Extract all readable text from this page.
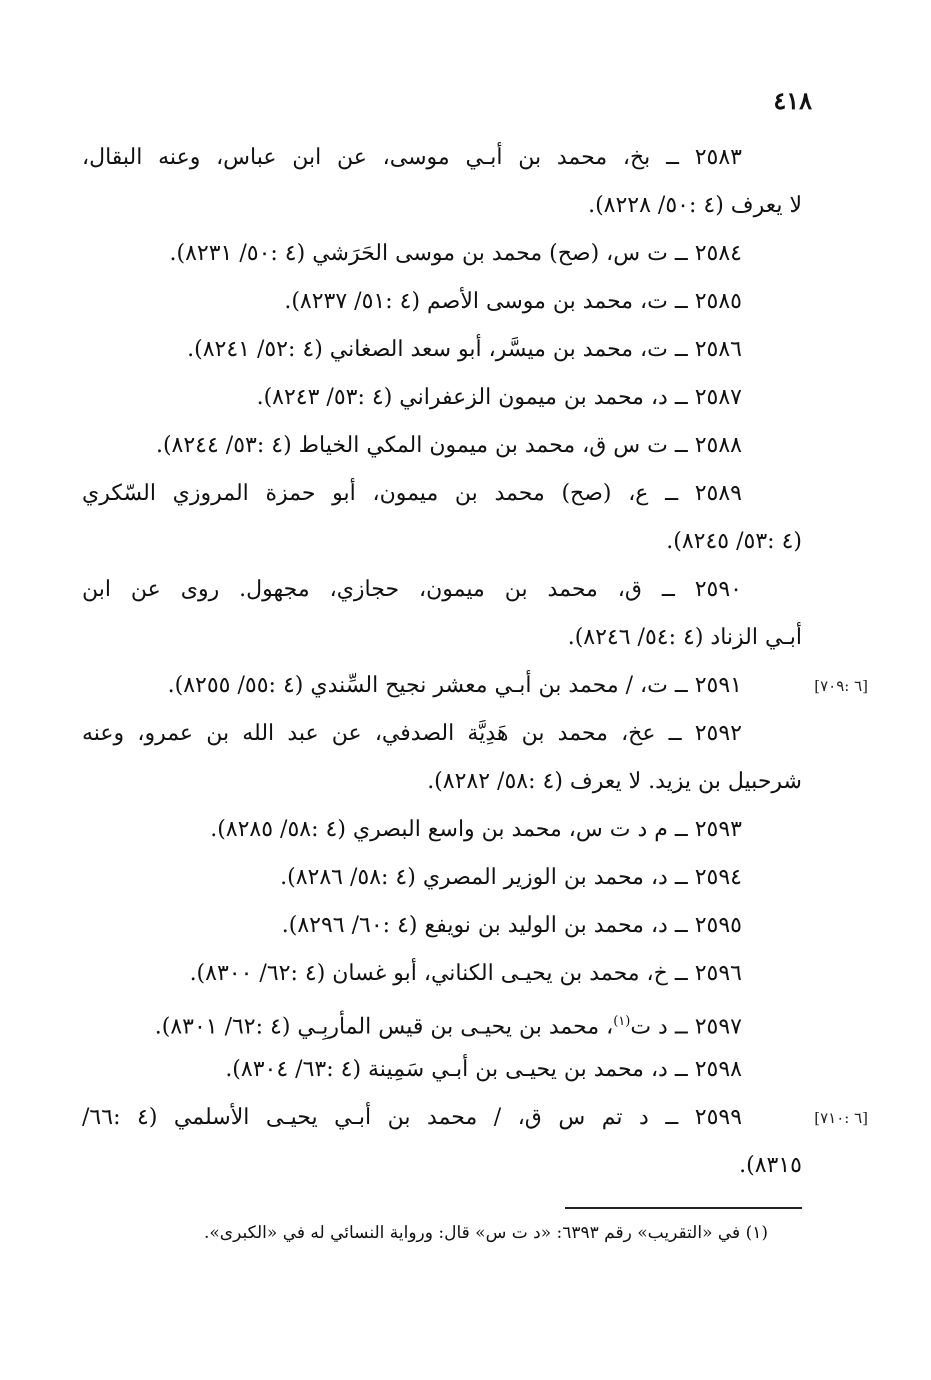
٤١٨
٢٥٨٣ ــ بخ، محمد بن أبـي موسى، عن ابن عباس، وعنه البقال،
لا يعرف (٤ :٥٠/ ٨٢٢٨).
٢٥٨٤ ــ ت س، (صح) محمد بن موسى الحَرَشي (٤ :٥٠/ ٨٢٣١).
٢٥٨٥ ــ ت، محمد بن موسى الأصم (٤ :٥١/ ٨٢٣٧).
٢٥٨٦ ــ ت، محمد بن ميسَّر، أبو سعد الصغاني (٤ :٥٢/ ٨٢٤١).
٢٥٨٧ ــ د، محمد بن ميمون الزعفراني (٤ :٥٣/ ٨٢٤٣).
٢٥٨٨ ــ ت س ق، محمد بن ميمون المكي الخياط (٤ :٥٣/ ٨٢٤٤).
٢٥٨٩ ــ ع، (صح) محمد بن ميمون، أبو حمزة المروزي السّكري
(٤ :٥٣/ ٨٢٤٥).
٢٥٩٠ ــ ق، محمد بن ميمون، حجازي، مجهول. روى عن ابن
أبـي الزناد (٤ :٥٤/ ٨٢٤٦).
[٦ :٧٠٩]
٢٥٩١ ــ ت، / محمد بن أبـي معشر نجيح السِّندي (٤ :٥٥/ ٨٢٥٥).
٢٥٩٢ ــ عخ، محمد بن هَدِيَّة الصدفي، عن عبد الله بن عمرو، وعنه
شرحبيل بن يزيد. لا يعرف (٤ :٥٨/ ٨٢٨٢).
٢٥٩٣ ــ م د ت س، محمد بن واسع البصري (٤ :٥٨/ ٨٢٨٥).
٢٥٩٤ ــ د، محمد بن الوزير المصري (٤ :٥٨/ ٨٢٨٦).
٢٥٩٥ ــ د، محمد بن الوليد بن نويفع (٤ :٦٠/ ٨٢٩٦).
٢٥٩٦ ــ خ، محمد بن يحيـى الكناني، أبو غسان (٤ :٦٢/ ٨٣٠٠).
٢٥٩٧ ــ د ت$^{(١)}$، محمد بن يحيـى بن قيس المأربِـي (٤ :٦٢/ ٨٣٠١).
٢٥٩٨ ــ د، محمد بن يحيـى بن أبـي سَمِينة (٤ :٦٣/ ٨٣٠٤).
[٦ :٧١٠]
٢٥٩٩ ــ د تم س ق، / محمد بن أبـي يحيـى الأسلمي (٤ :٦٦/
٨٣١٥).
(١) في «التقريب» رقم ٦٣٩٣: «د ت س» قال: ورواية النسائي له في «الكبرى».
